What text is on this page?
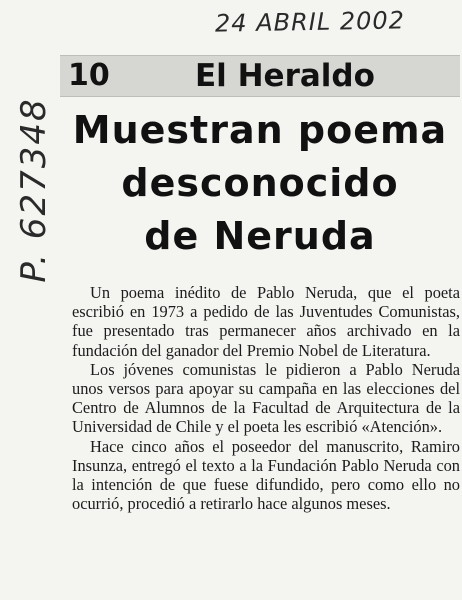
24 ABRIL 2002
P. 627348
10	El Heraldo
Muestran poema
desconocido
de Neruda

Un poema inédito de Pablo Neruda, que el poeta escribió en 1973 a pedido de las Juventudes Comunistas, fue presentado tras permanecer años archivado en la fundación del ganador del Premio Nobel de Literatura.

Los jóvenes comunistas le pidieron a Pablo Neruda unos versos para apoyar su campaña en las elecciones del Centro de Alumnos de la Facultad de Arquitectura de la Universidad de Chile y el poeta les escribió «Atención».

Hace cinco años el poseedor del manuscrito, Ramiro Insunza, entregó el texto a la Fundación Pablo Neruda con la intención de que fuese difundido, pero como ello no ocurrió, procedió a retirarlo hace algunos meses.
